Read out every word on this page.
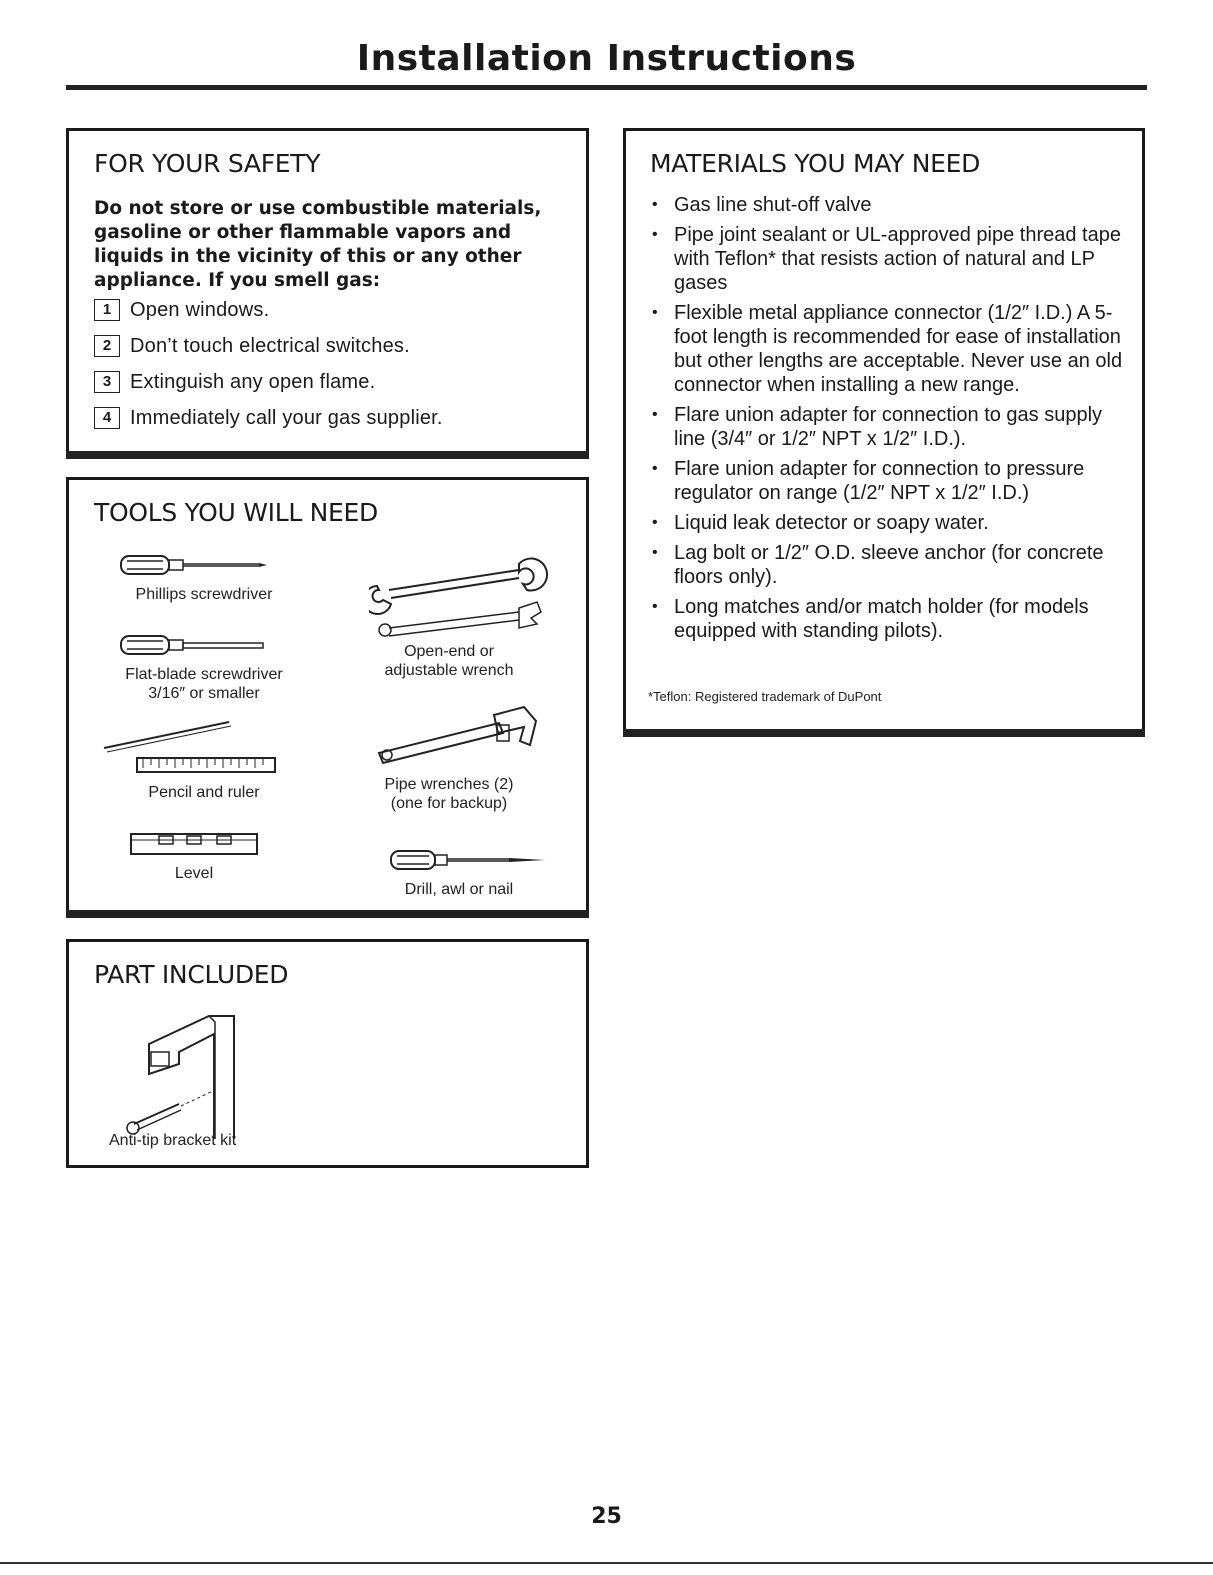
Installation Instructions
FOR YOUR SAFETY
Do not store or use combustible materials, gasoline or other flammable vapors and liquids in the vicinity of this or any other appliance. If you smell gas:
1 Open windows.
2 Don’t touch electrical switches.
3 Extinguish any open flame.
4 Immediately call your gas supplier.
TOOLS YOU WILL NEED
Phillips screwdriver
Flat-blade screwdriver
3/16″ or smaller
Pencil and ruler
Level
Open-end or
adjustable wrench
Pipe wrenches (2)
(one for backup)
Drill, awl or nail
PART INCLUDED
Anti-tip bracket kit
MATERIALS YOU MAY NEED
• Gas line shut-off valve
• Pipe joint sealant or UL-approved pipe thread tape with Teflon* that resists action of natural and LP gases
• Flexible metal appliance connector (1/2″ I.D.) A 5-foot length is recommended for ease of installation but other lengths are acceptable. Never use an old connector when installing a new range.
• Flare union adapter for connection to gas supply line (3/4″ or 1/2″ NPT x 1/2″ I.D.).
• Flare union adapter for connection to pressure regulator on range (1/2″ NPT x 1/2″ I.D.)
• Liquid leak detector or soapy water.
• Lag bolt or 1/2″ O.D. sleeve anchor (for concrete floors only).
• Long matches and/or match holder (for models equipped with standing pilots).
*Teflon: Registered trademark of DuPont
25
